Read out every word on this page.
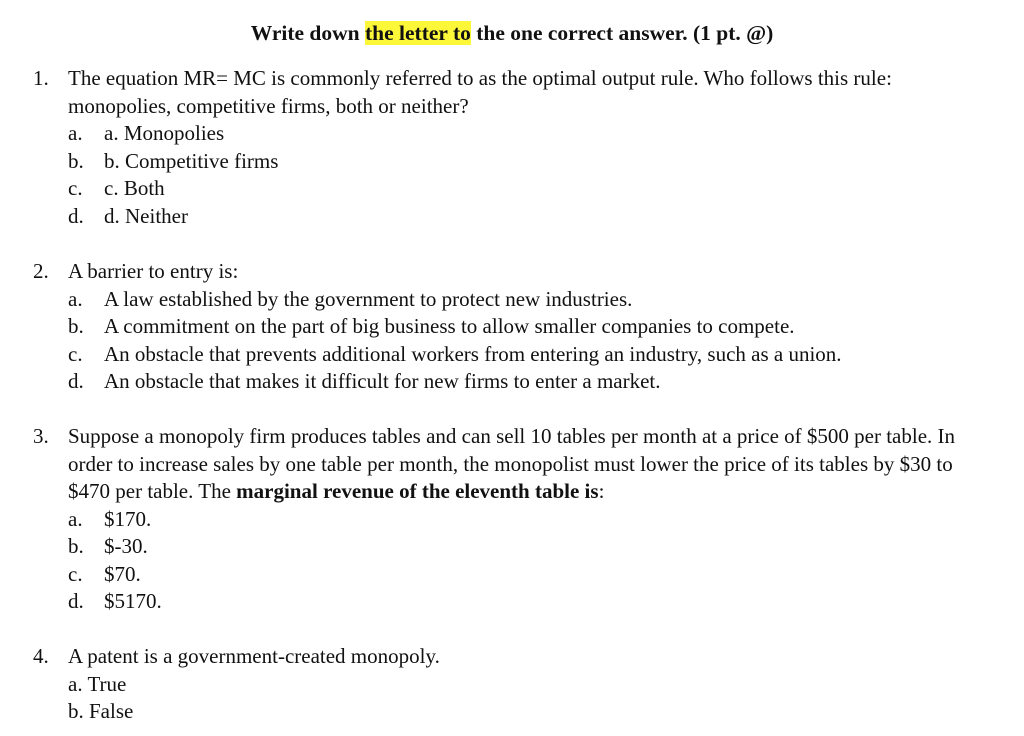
Write down the letter to the one correct answer. (1 pt. @)
1. The equation MR= MC is commonly referred to as the optimal output rule. Who follows this rule: monopolies, competitive firms, both or neither?
a. a. Monopolies
b. b. Competitive firms
c. c. Both
d. d. Neither
2. A barrier to entry is:
a. A law established by the government to protect new industries.
b. A commitment on the part of big business to allow smaller companies to compete.
c. An obstacle that prevents additional workers from entering an industry, such as a union.
d. An obstacle that makes it difficult for new firms to enter a market.
3. Suppose a monopoly firm produces tables and can sell 10 tables per month at a price of $500 per table. In order to increase sales by one table per month, the monopolist must lower the price of its tables by $30 to $470 per table. The marginal revenue of the eleventh table is:
a. $170.
b. $-30.
c. $70.
d. $5170.
4. A patent is a government-created monopoly.
a. True
b. False
